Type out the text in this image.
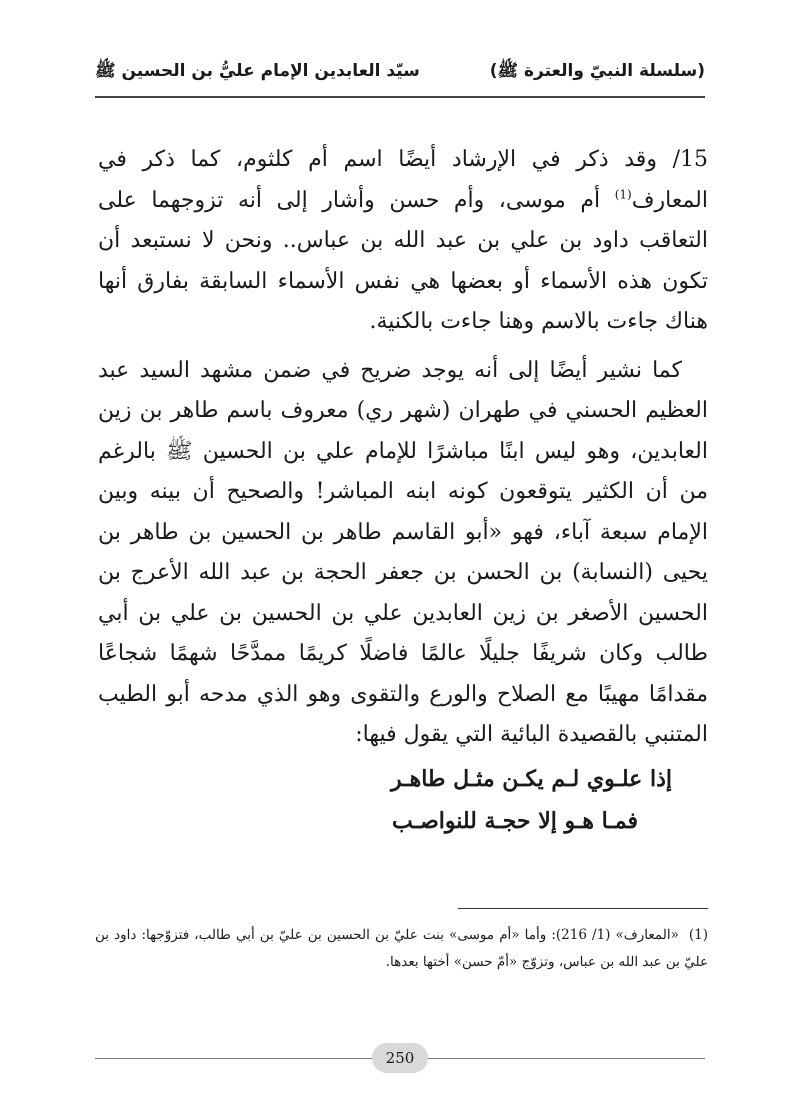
(سلسلة النبيّ والعترة ﷺ)
سيّد العابدين الإمام عليُّ بن الحسين ﷺ

15/ وقد ذكر في الإرشاد أيضًا اسم أم كلثوم، كما ذكر في المعارف$^{(1)}$ أم موسى، وأم حسن وأشار إلى أنه تزوجهما على التعاقب داود بن علي بن عبد الله بن عباس.. ونحن لا نستبعد أن تكون هذه الأسماء أو بعضها هي نفس الأسماء السابقة بفارق أنها هناك جاءت بالاسم وهنا جاءت بالكنية.

كما نشير أيضًا إلى أنه يوجد ضريح في ضمن مشهد السيد عبد العظيم الحسني في طهران (شهر ري) معروف باسم طاهر بن زين العابدين، وهو ليس ابنًا مباشرًا للإمام علي بن الحسين ﷺ بالرغم من أن الكثير يتوقعون كونه ابنه المباشر! والصحيح أن بينه وبين الإمام سبعة آباء، فهو «أبو القاسم طاهر بن الحسين بن طاهر بن يحيى (النسابة) بن الحسن بن جعفر الحجة بن عبد الله الأعرج بن الحسين الأصغر بن زين العابدين علي بن الحسين بن علي بن أبي طالب وكان شريفًا جليلًا عالمًا فاضلًا كريمًا ممدَّحًا شهمًا شجاعًا مقدامًا مهيبًا مع الصلاح والورع والتقوى وهو الذي مدحه أبو الطيب المتنبي بالقصيدة البائية التي يقول فيها:

إذا علـوي لـم يكـن مثـل طاهـر
فمـا هـو إلا حجـة للنواصـب
(1)«المعارف» (1/ 216): وأما «أم موسى» بنت عليّ بن الحسين بن عليّ بن أبي طالب، فتزوّجها: داود بن عليّ بن عبد الله بن عباس، وتزوّج «أمّ حسن» أختها بعدها.
250
